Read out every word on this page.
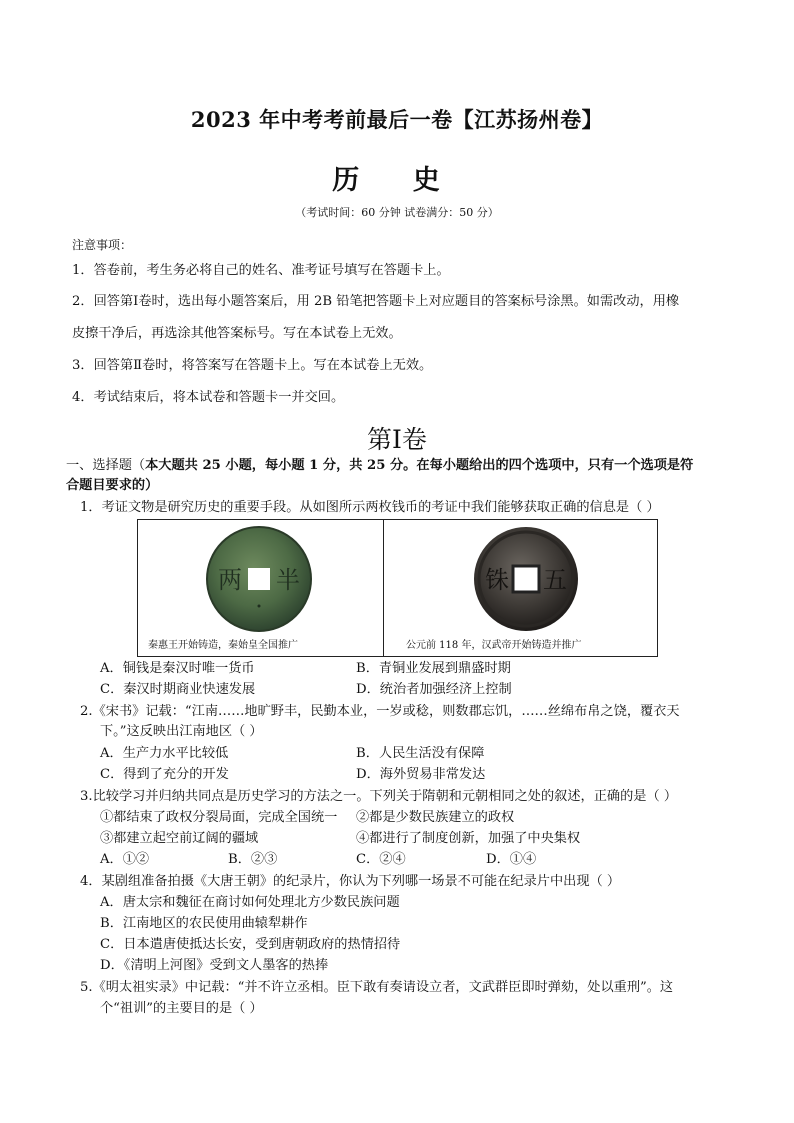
2023 年中考考前最后一卷【江苏扬州卷】
历 史
（考试时间：60 分钟 试卷满分：50 分）
注意事项：
1．答卷前，考生务必将自己的姓名、准考证号填写在答题卡上。
2．回答第Ⅰ卷时，选出每小题答案后，用 2B 铅笔把答题卡上对应题目的答案标号涂黑。如需改动，用橡
皮擦干净后，再选涂其他答案标号。写在本试卷上无效。
3．回答第Ⅱ卷时，将答案写在答题卡上。写在本试卷上无效。
4．考试结束后，将本试卷和答题卡一并交回。
第Ⅰ卷
一、选择题（本大题共 25 小题，每小题 1 分，共 25 分。在每小题给出的四个选项中，只有一个选项是符
合题目要求的）
1．考证文物是研究历史的重要手段。从如图所示两枚钱币的考证中我们能够获取正确的信息是（ ）
半
两
秦惠王开始铸造，秦始皇全国推广
五
铢
公元前 118 年，汉武帝开始铸造并推广
A．铜钱是秦汉时唯一货币	B．青铜业发展到鼎盛时期
C．秦汉时期商业快速发展	D．统治者加强经济上控制
2.《宋书》记载：“江南……地旷野丰，民勤本业，一岁或稔，则数郡忘饥，……丝绵布帛之饶，覆衣天
下。”这反映出江南地区（ ）
A．生产力水平比较低	B．人民生活没有保障
C．得到了充分的开发	D．海外贸易非常发达
3.比较学习并归纳共同点是历史学习的方法之一。下列关于隋朝和元朝相同之处的叙述，正确的是（ ）
①都结束了政权分裂局面，完成全国统一 ②都是少数民族建立的政权
③都建立起空前辽阔的疆域	④都进行了制度创新，加强了中央集权
A．①②	B．②③	C．②④	D．①④
4．某剧组准备拍摄《大唐王朝》的纪录片，你认为下列哪一场景不可能在纪录片中出现（ ）
A．唐太宗和魏征在商讨如何处理北方少数民族问题
B．江南地区的农民使用曲辕犁耕作
C．日本遣唐使抵达长安，受到唐朝政府的热情招待
D．《清明上河图》受到文人墨客的热捧
5.《明太祖实录》中记载：“并不许立丞相。臣下敢有奏请设立者，文武群臣即时弹劾，处以重刑”。这
个“祖训”的主要目的是（ ）
